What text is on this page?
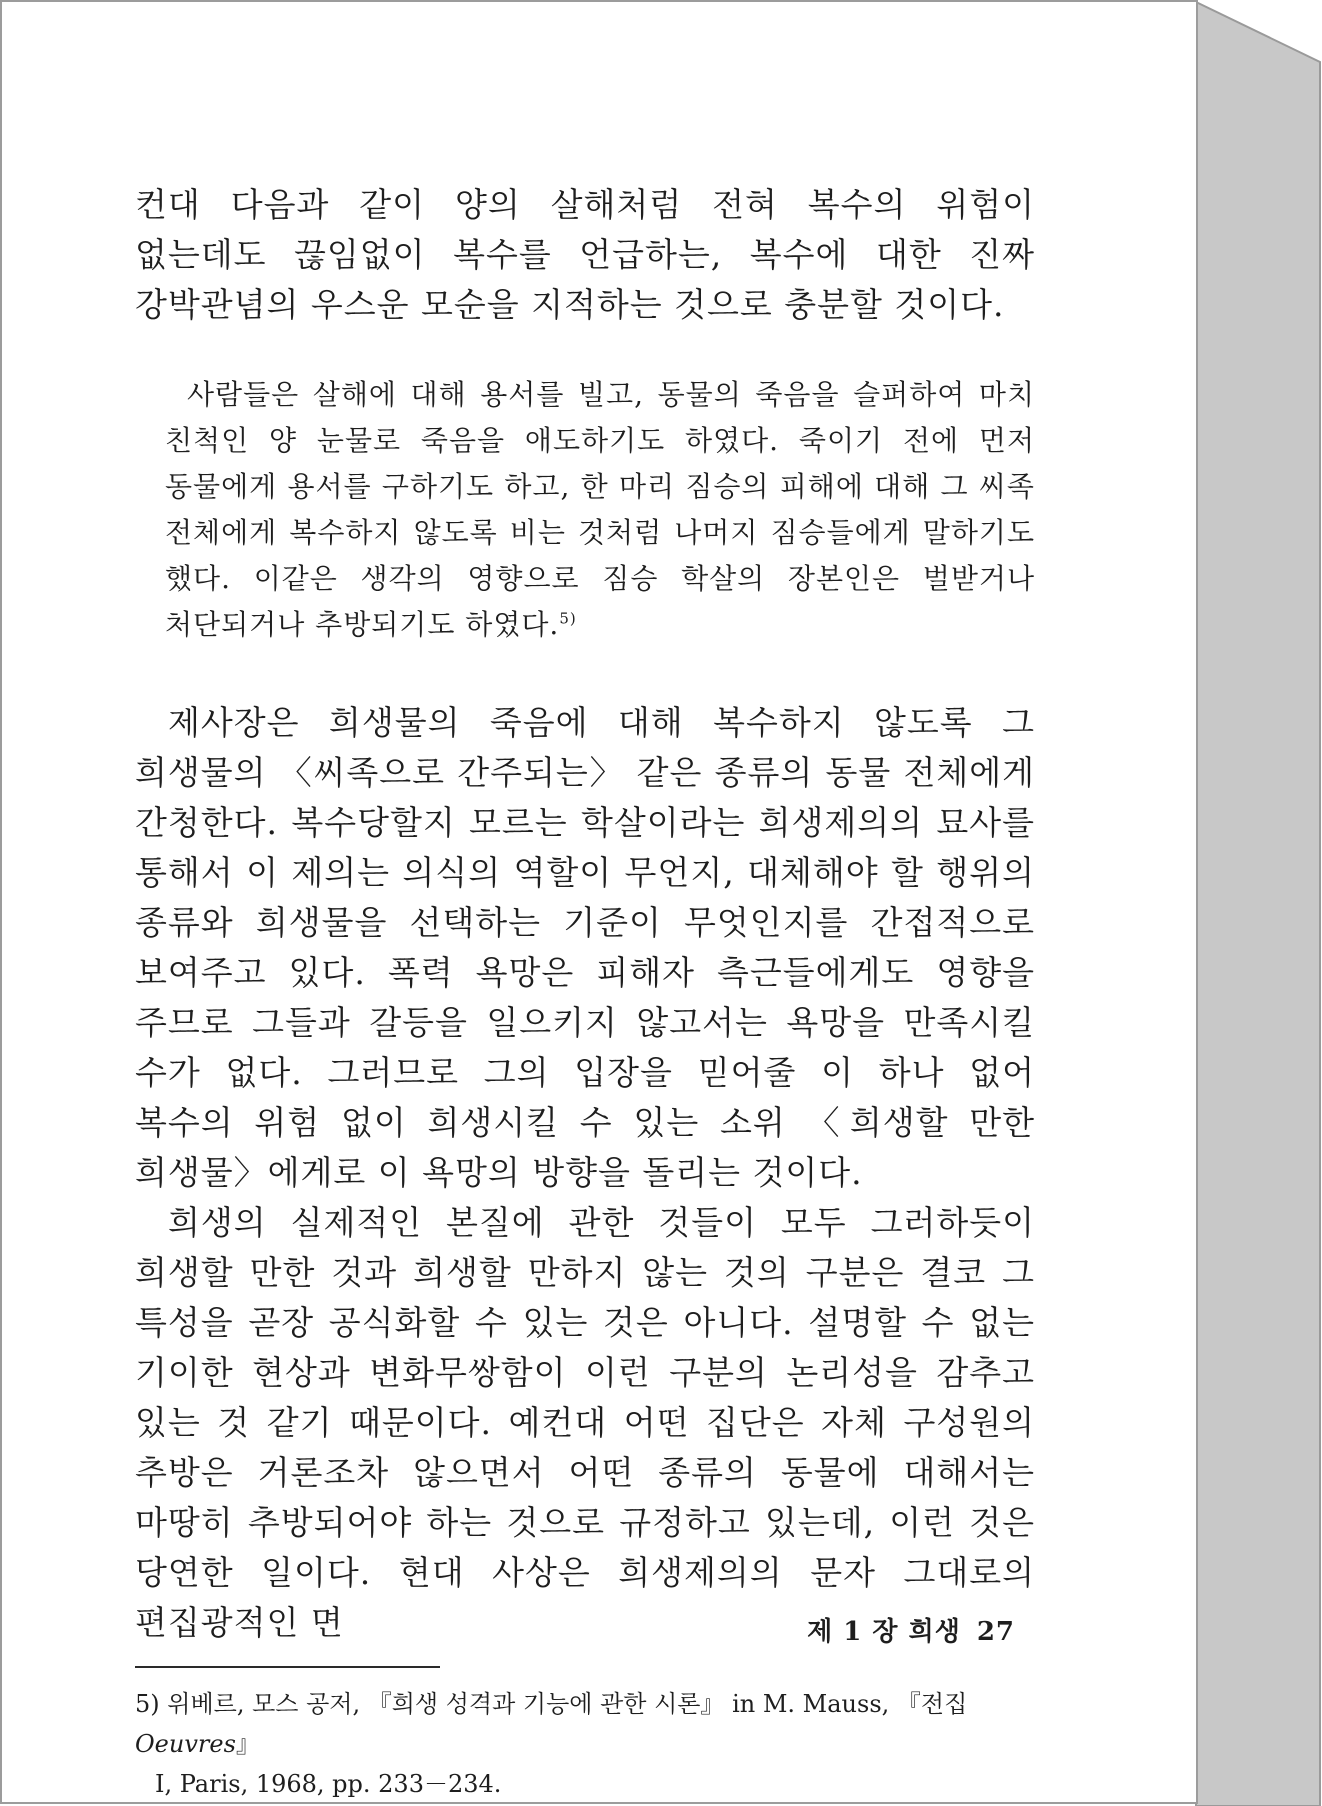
컨대 다음과 같이 양의 살해처럼 전혀 복수의 위험이 없는데도 끊임없이 복수를 언급하는, 복수에 대한 진짜 강박관념의 우스운 모순을 지적하는 것으로 충분할 것이다.

사람들은 살해에 대해 용서를 빌고, 동물의 죽음을 슬퍼하여 마치 친척인 양 눈물로 죽음을 애도하기도 하였다. 죽이기 전에 먼저 동물에게 용서를 구하기도 하고, 한 마리 짐승의 피해에 대해 그 씨족 전체에게 복수하지 않도록 비는 것처럼 나머지 짐승들에게 말하기도 했다. 이같은 생각의 영향으로 짐승 학살의 장본인은 벌받거나 처단되거나 추방되기도 하였다.$^{5)}$

제사장은 희생물의 죽음에 대해 복수하지 않도록 그 희생물의 〈씨족으로 간주되는〉 같은 종류의 동물 전체에게 간청한다. 복수당할지 모르는 학살이라는 희생제의의 묘사를 통해서 이 제의는 의식의 역할이 무언지, 대체해야 할 행위의 종류와 희생물을 선택하는 기준이 무엇인지를 간접적으로 보여주고 있다. 폭력 욕망은 피해자 측근들에게도 영향을 주므로 그들과 갈등을 일으키지 않고서는 욕망을 만족시킬 수가 없다. 그러므로 그의 입장을 믿어줄 이 하나 없어 복수의 위험 없이 희생시킬 수 있는 소위 〈희생할 만한 희생물〉에게로 이 욕망의 방향을 돌리는 것이다.

희생의 실제적인 본질에 관한 것들이 모두 그러하듯이 희생할 만한 것과 희생할 만하지 않는 것의 구분은 결코 그 특성을 곧장 공식화할 수 있는 것은 아니다. 설명할 수 없는 기이한 현상과 변화무쌍함이 이런 구분의 논리성을 감추고 있는 것 같기 때문이다. 예컨대 어떤 집단은 자체 구성원의 추방은 거론조차 않으면서 어떤 종류의 동물에 대해서는 마땅히 추방되어야 하는 것으로 규정하고 있는데, 이런 것은 당연한 일이다. 현대 사상은 희생제의의 문자 그대로의 편집광적인 면

5) 위베르, 모스 공저, 『희생 성격과 기능에 관한 시론』 in M. Mauss, 『전집 Oeuvres』
I, Paris, 1968, pp. 233－234.

제 1 장 희생 27
